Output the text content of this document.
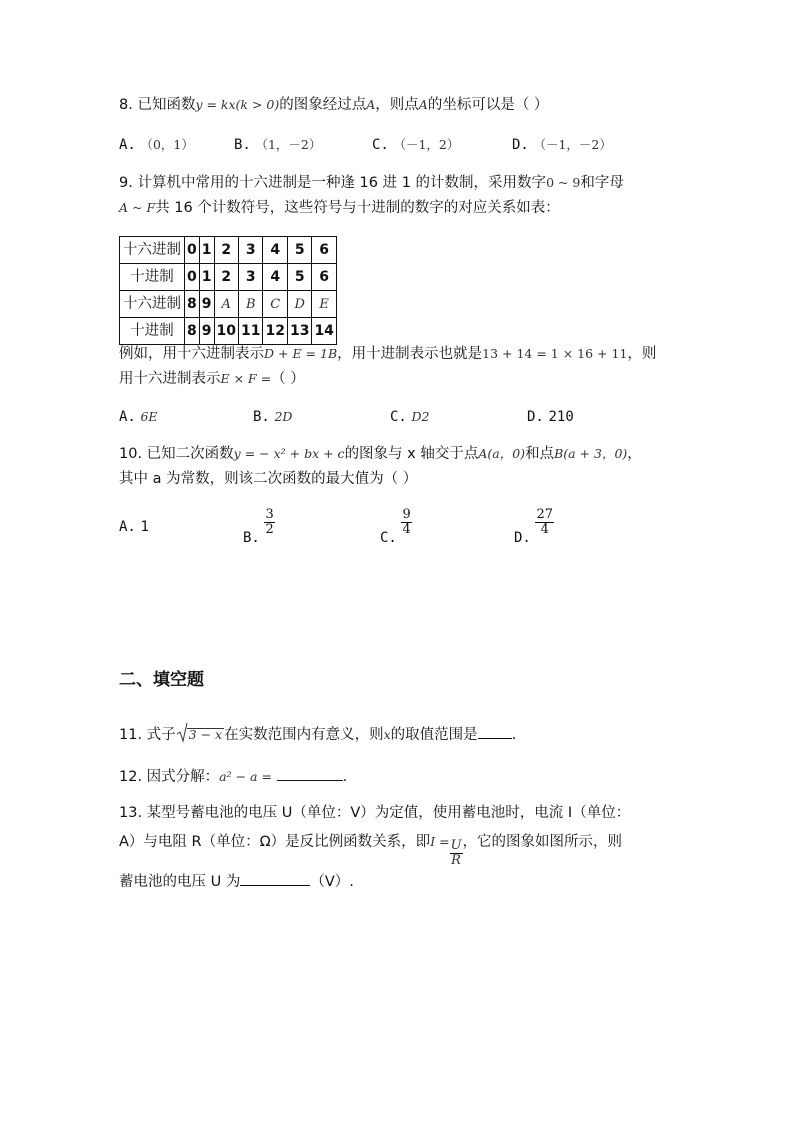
8. 已知函数y = kx(k > 0)的图象经过点A，则点A的坐标可以是（ ）
A. （0，1）	B. （1，－2）	C. （－1，2）	D. （－1，－2）
9. 计算机中常用的十六进制是一种逢 16 进 1 的计数制，采用数字0 ~ 9和字母
A ~ F共 16 个计数符号，这些符号与十进制的数字的对应关系如表：
十六进制	0	1	2	3	4	5	6
十进制	0	1	2	3	4	5	6
十六进制	8	9	A	B	C	D	E
十进制	8	9	10	11	12	13	14
例如，用十六进制表示D + E = 1B，用十进制表示也就是13 + 14 = 1 × 16 + 11，则
用十六进制表示E × F =（ ）
A. 6E	B. 2D	C. D2	D. 210
10. 已知二次函数y = − x² + bx + c的图象与 x 轴交于点A(a，0)和点B(a + 3，0)，
其中 a 为常数，则该二次函数的最大值为（ ）
A. 1
B.
$\frac{3}{2}$
C.
$\frac{9}{4}$
D.
$\frac{27}{4}$
二、填空题
11. 式子 3 − x 在实数范围内有意义，则x的取值范围是 .
12. 因式分解：a² − a =	.
13. 某型号蓄电池的电压 U（单位：V）为定值，使用蓄电池时，电流 I（单位：
A）与电阻 R（单位：Ω）是反比例函数关系，即$I = \frac{U}{R}$ ，它的图象如图所示，则
蓄电池的电压 U 为	（V）.
